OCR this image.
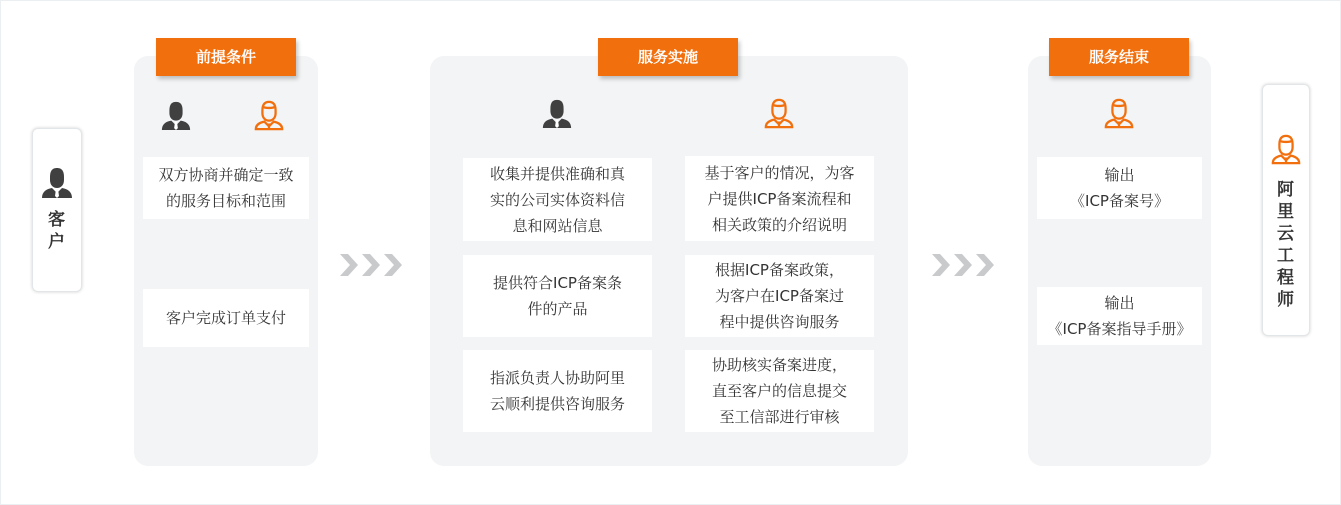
客户
前提条件
双方协商并确定一致
的服务目标和范围
客户完成订单支付
服务实施
收集并提供准确和真
实的公司实体资料信
息和网站信息
提供符合ICP备案条
件的产品
指派负责人协助阿里
云顺利提供咨询服务
基于客户的情况，为客
户提供ICP备案流程和
相关政策的介绍说明
根据ICP备案政策，
为客户在ICP备案过
程中提供咨询服务
协助核实备案进度，
直至客户的信息提交
至工信部进行审核
服务结束
输出
《ICP备案号》
输出
《ICP备案指导手册》
阿里云工程师
